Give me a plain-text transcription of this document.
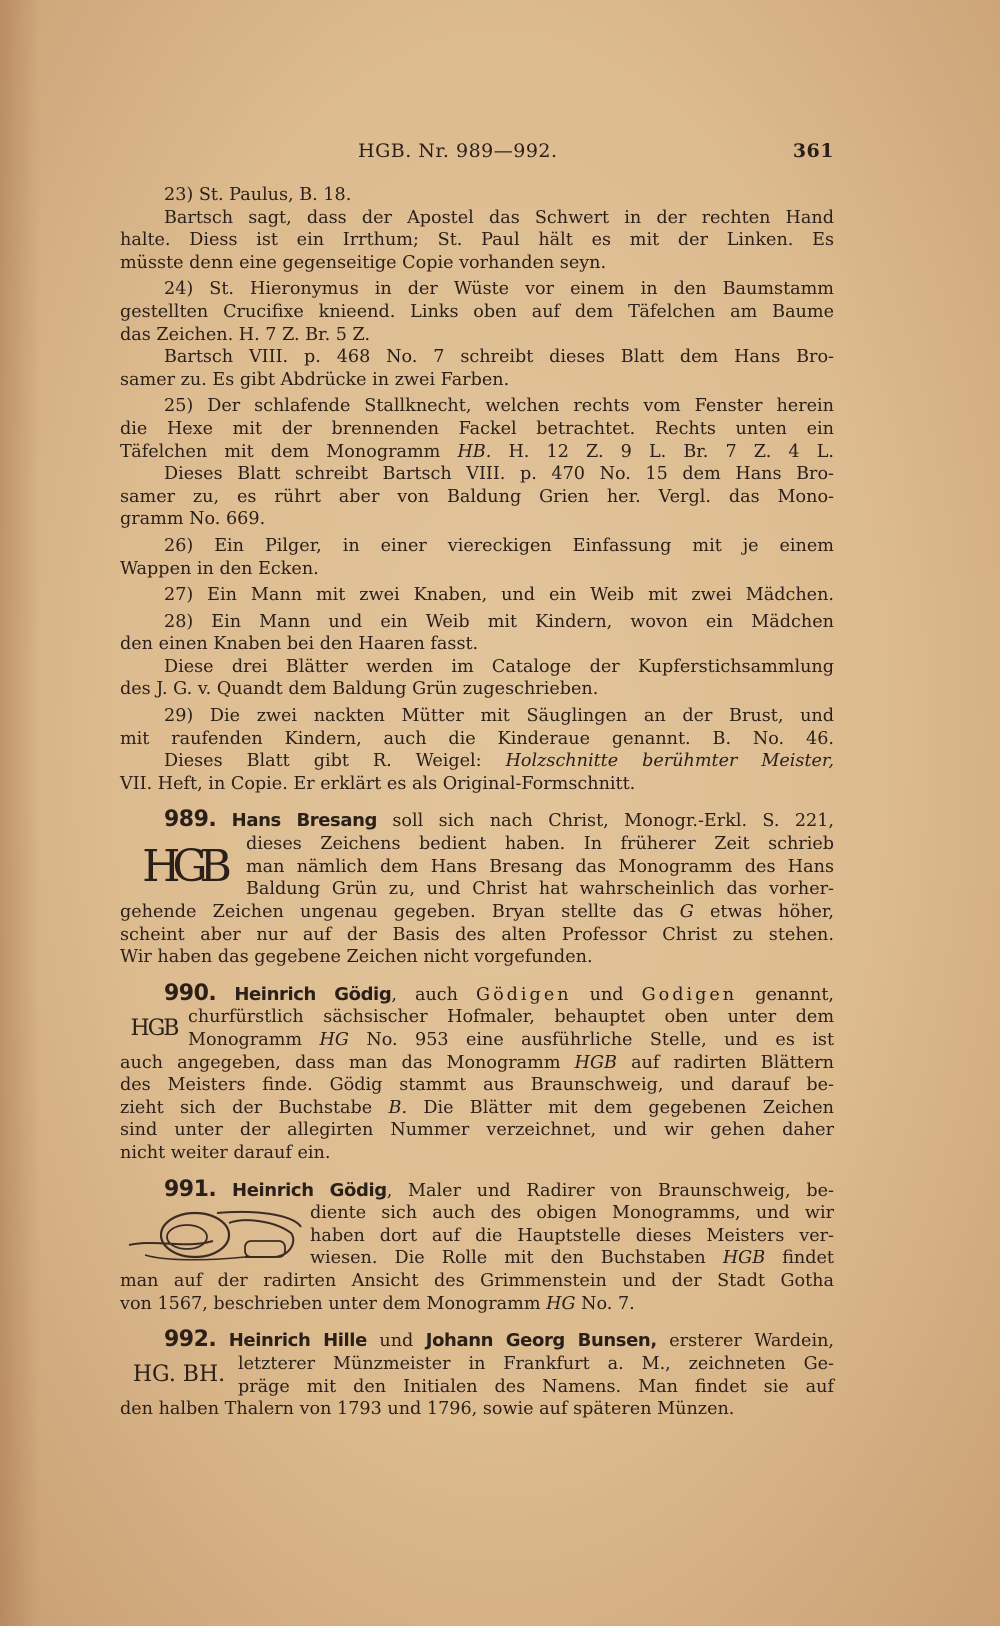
HGB. Nr. 989—992.	361
23) St. Paulus, B. 18.
Bartsch sagt, dass der Apostel das Schwert in der rechten Hand
halte. Diess ist ein Irrthum; St. Paul hält es mit der Linken. Es
müsste denn eine gegenseitige Copie vorhanden seyn.
24) St. Hieronymus in der Wüste vor einem in den Baumstamm
gestellten Crucifixe knieend. Links oben auf dem Täfelchen am Baume
das Zeichen. H. 7 Z. Br. 5 Z.
Bartsch VIII. p. 468 No. 7 schreibt dieses Blatt dem Hans Bro-
samer zu. Es gibt Abdrücke in zwei Farben.
25) Der schlafende Stallknecht, welchen rechts vom Fenster herein
die Hexe mit der brennenden Fackel betrachtet. Rechts unten ein
Täfelchen mit dem Monogramm HB. H. 12 Z. 9 L. Br. 7 Z. 4 L.
Dieses Blatt schreibt Bartsch VIII. p. 470 No. 15 dem Hans Bro-
samer zu, es rührt aber von Baldung Grien her. Vergl. das Mono-
gramm No. 669.
26) Ein Pilger, in einer viereckigen Einfassung mit je einem
Wappen in den Ecken.
27) Ein Mann mit zwei Knaben, und ein Weib mit zwei Mädchen.
28) Ein Mann und ein Weib mit Kindern, wovon ein Mädchen
den einen Knaben bei den Haaren fasst.
Diese drei Blätter werden im Cataloge der Kupferstichsammlung
des J. G. v. Quandt dem Baldung Grün zugeschrieben.
29) Die zwei nackten Mütter mit Säuglingen an der Brust, und
mit raufenden Kindern, auch die Kinderaue genannt. B. No. 46.
Dieses Blatt gibt R. Weigel: Holzschnitte berühmter Meister,
VII. Heft, in Copie. Er erklärt es als Original-Formschnitt.
989. Hans Bresang soll sich nach Christ, Monogr.-Erkl. S. 221,
HGB dieses Zeichens bedient haben. In früherer Zeit schrieb
man nämlich dem Hans Bresang das Monogramm des Hans
Baldung Grün zu, und Christ hat wahrscheinlich das vorher-
gehende Zeichen ungenau gegeben. Bryan stellte das G etwas höher,
scheint aber nur auf der Basis des alten Professor Christ zu stehen.
Wir haben das gegebene Zeichen nicht vorgefunden.
990. Heinrich Gödig, auch Gödigen und Godigen genannt,
HGB churfürstlich sächsischer Hofmaler, behauptet oben unter dem
Monogramm HG No. 953 eine ausführliche Stelle, und es ist
auch angegeben, dass man das Monogramm HGB auf radirten Blättern
des Meisters finde. Gödig stammt aus Braunschweig, und darauf be-
zieht sich der Buchstabe B. Die Blätter mit dem gegebenen Zeichen
sind unter der allegirten Nummer verzeichnet, und wir gehen daher
nicht weiter darauf ein.
991. Heinrich Gödig, Maler und Radirer von Braunschweig, be-
diente sich auch des obigen Monogramms, und wir
haben dort auf die Hauptstelle dieses Meisters ver-
wiesen. Die Rolle mit den Buchstaben HGB findet
man auf der radirten Ansicht des Grimmenstein und der Stadt Gotha
von 1567, beschrieben unter dem Monogramm HG No. 7.
992. Heinrich Hille und Johann Georg Bunsen, ersterer Wardein,
HG. BH. letzterer Münzmeister in Frankfurt a. M., zeichneten Ge-
präge mit den Initialen des Namens. Man findet sie auf
den halben Thalern von 1793 und 1796, sowie auf späteren Münzen.
